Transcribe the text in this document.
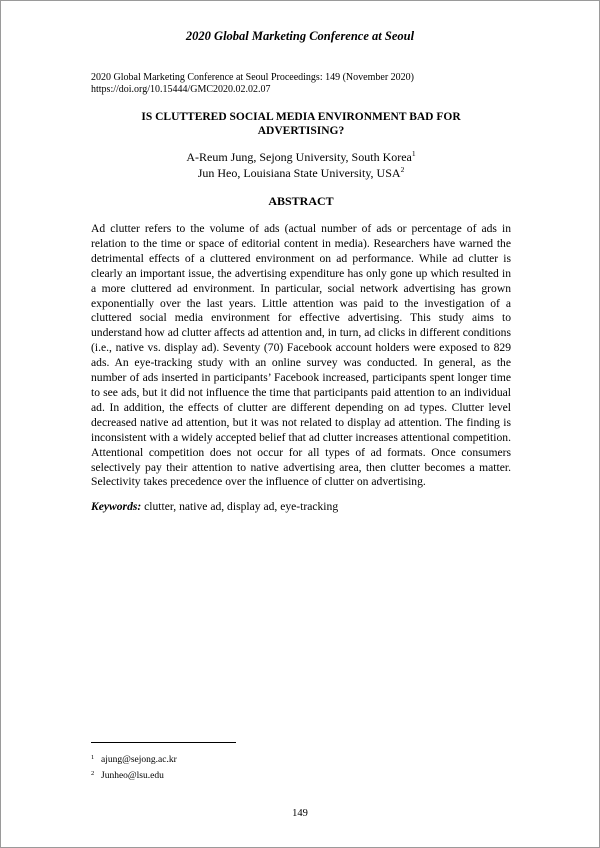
2020 Global Marketing Conference at Seoul
2020 Global Marketing Conference at Seoul Proceedings: 149 (November 2020)
https://doi.org/10.15444/GMC2020.02.02.07
IS CLUTTERED SOCIAL MEDIA ENVIRONMENT BAD FOR
ADVERTISING?
A-Reum Jung, Sejong University, South Korea$^1$
Jun Heo, Louisiana State University, USA$^2$
ABSTRACT
Ad clutter refers to the volume of ads (actual number of ads or percentage of ads in relation to the time or space of editorial content in media). Researchers have warned the detrimental effects of a cluttered environment on ad performance. While ad clutter is clearly an important issue, the advertising expenditure has only gone up which resulted in a more cluttered ad environment. In particular, social network advertising has grown exponentially over the last years. Little attention was paid to the investigation of a cluttered social media environment for effective advertising. This study aims to understand how ad clutter affects ad attention and, in turn, ad clicks in different conditions (i.e., native vs. display ad). Seventy (70) Facebook account holders were exposed to 829 ads. An eye-tracking study with an online survey was conducted. In general, as the number of ads inserted in participants’ Facebook increased, participants spent longer time to see ads, but it did not influence the time that participants paid attention to an individual ad. In addition, the effects of clutter are different depending on ad types. Clutter level decreased native ad attention, but it was not related to display ad attention. The finding is inconsistent with a widely accepted belief that ad clutter increases attentional competition. Attentional competition does not occur for all types of ad formats. Once consumers selectively pay their attention to native advertising area, then clutter becomes a matter. Selectivity takes precedence over the influence of clutter on advertising.
Keywords: clutter, native ad, display ad, eye-tracking
1 ajung@sejong.ac.kr
2 Junheo@lsu.edu
149
